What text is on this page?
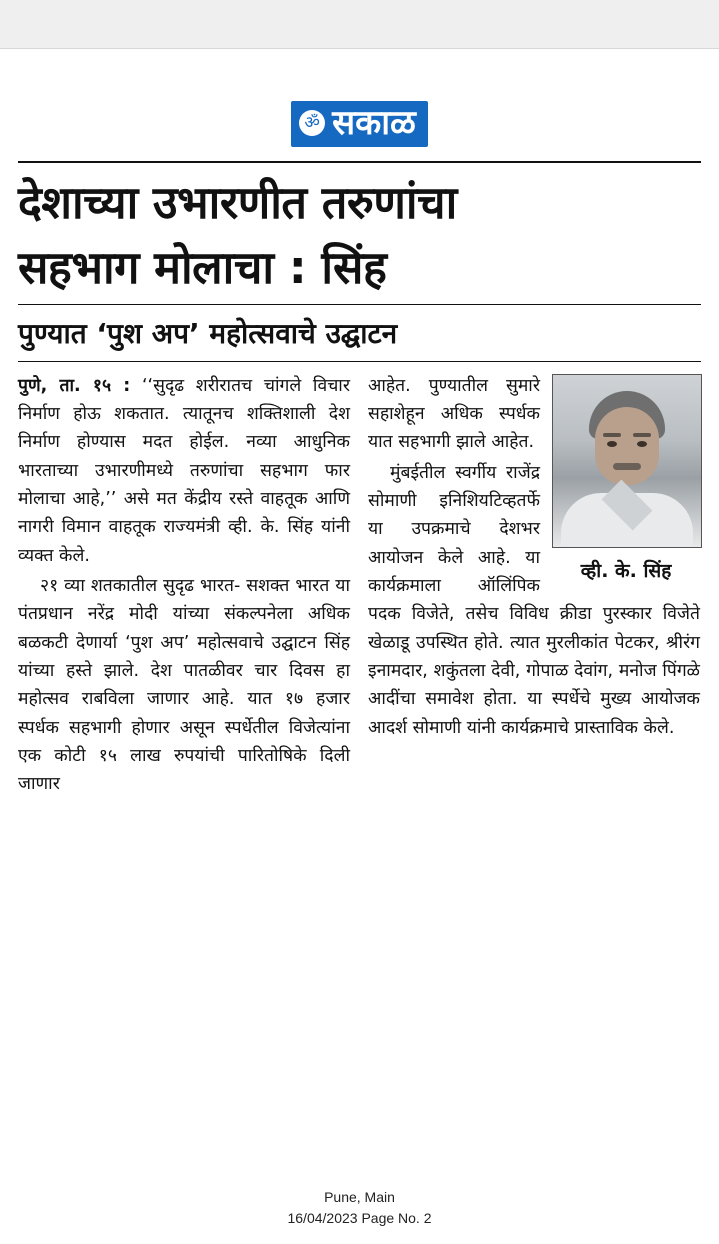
ॐ सकाळ
देशाच्या उभारणीत तरुणांचा
सहभाग मोलाचा : सिंह
पुण्यात ‘पुश अप’ महोत्सवाचे उद्घाटन

पुणे, ता. १५ : ‘‘सुदृढ शरीरातच चांगले विचार निर्माण होऊ शकतात. त्यातूनच शक्तिशाली देश निर्माण होण्यास मदत होईल. नव्या आधुनिक भारताच्या उभारणीमध्ये तरुणांचा सहभाग फार मोलाचा आहे,’’ असे मत केंद्रीय रस्ते वाहतूक आणि नागरी विमान वाहतूक राज्यमंत्री व्ही. के. सिंह यांनी व्यक्त केले.

२१ व्या शतकातील सुदृढ भारत- सशक्त भारत या पंतप्रधान नरेंद्र मोदी यांच्या संकल्पनेला अधिक बळकटी देणार्या ‘पुश अप’ महोत्सवाचे उद्घाटन सिंह यांच्या हस्ते झाले. देश पातळीवर चार दिवस हा महोत्सव राबविला जाणार आहे. यात १७ हजार स्पर्धक सहभागी होणार असून स्पर्धेतील विजेत्यांना एक कोटी १५ लाख रुपयांची पारितोषिके दिली जाणार

व्ही. के. सिंह

आहेत. पुण्यातील सुमारे सहाशेहून अधिक स्पर्धक यात सहभागी झाले आहेत.

मुंबईतील स्वर्गीय राजेंद्र सोमाणी इनिशियटिव्हतर्फे या उपक्रमाचे देशभर आयोजन केले आहे. या कार्यक्रमाला ऑलिंपिक पदक विजेते, तसेच विविध क्रीडा पुरस्कार विजेते खेळाडू उपस्थित होते. त्यात मुरलीकांत पेटकर, श्रीरंग इनामदार, शकुंतला देवी, गोपाळ देवांग, मनोज पिंगळे आदींचा समावेश होता. या स्पर्धेचे मुख्य आयोजक आदर्श सोमाणी यांनी कार्यक्रमाचे प्रास्ताविक केले.

Pune, Main
16/04/2023 Page No. 2
